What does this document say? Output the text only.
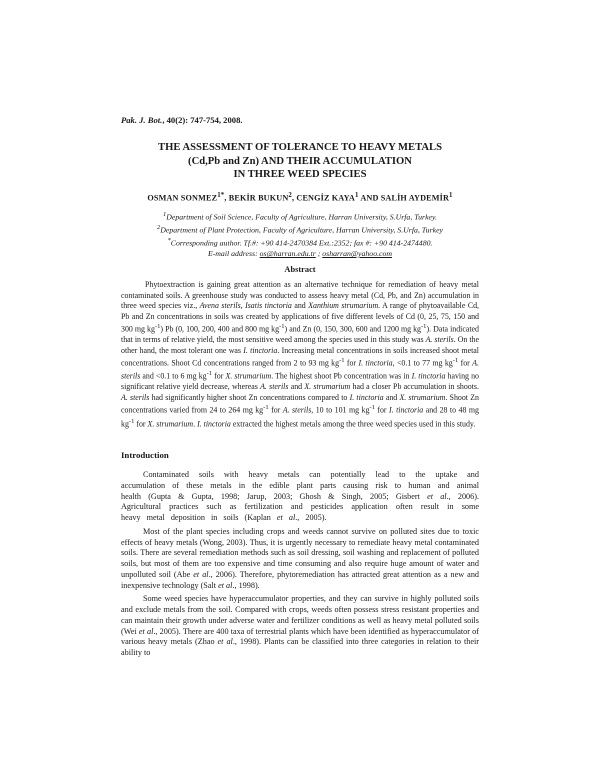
Pak. J. Bot., 40(2): 747-754, 2008.
THE ASSESSMENT OF TOLERANCE TO HEAVY METALS
(Cd,Pb and Zn) AND THEIR ACCUMULATION
IN THREE WEED SPECIES
OSMAN $SONMEZ^{1*}$, BEKİR BUKUN$^2$, CENGİZ KAYA$^1$ AND SALİH AYDEMİR$^1$
$^1$Department of Soil Science, Faculty of Agriculture, Harran University, S.Urfa, Turkey.
$^2$Department of Plant Protection, Faculty of Agriculture, Harran University, S.Urfa, Turkey
*Corresponding author. Tf.#: +90 414-2470384 Ext.:2352; fax #: +90 414-2474480.
E-mail address: os@harran.edu.tr ; osharran@yahoo.com
Abstract

Phytoextraction is gaining great attention as an alternative technique for remediation of heavy metal contaminated soils. A greenhouse study was conducted to assess heavy metal (Cd, Pb, and Zn) accumulation in three weed species viz., Avena sterils, Isatis tinctoria and Xanthium strumarium. A range of phytoavailable Cd, Pb and Zn concentrations in soils was created by applications of five different levels of Cd (0, 25, 75, 150 and 300 mg $kg^{-1}$) Pb (0, 100, 200, 400 and 800 mg $kg^{-1}$) and Zn (0, 150, 300, 600 and 1200 mg $kg^{-1}$). Data indicated that in terms of relative yield, the most sensitive weed among the species used in this study was A. sterils. On the other hand, the most tolerant one was I. tinctoria. Increasing metal concentrations in soils increased shoot metal concentrations. Shoot Cd concentrations ranged from 2 to 93 mg $kg^{-1}$ for I. tinctoria, <0.1 to 77 mg $kg^{-1}$ for A. sterils and <0.1 to 6 mg $kg^{-1}$ for X. strumarium. The highest shoot Pb concentration was in I. tinctoria having no significant relative yield decrease, whereas A. sterils and X. strumarium had a closer Pb accumulation in shoots. A. sterils had significantly higher shoot Zn concentrations compared to I. tinctoria and X. strumarium. Shoot Zn concentrations varied from 24 to 264 mg $kg^{-1}$ for A. sterils, 10 to 101 mg $kg^{-1}$ for I. tinctoria and 28 to 48 mg $kg^{-1}$ for X. strumarium. I. tinctoria extracted the highest metals among the three weed species used in this study.

Introduction

Contaminated soils with heavy metals can potentially lead to the uptake and accumulation of these metals in the edible plant parts causing risk to human and animal health (Gupta & Gupta, 1998; Jarup, 2003; Ghosh & Singh, 2005; Gisbert et al., 2006). Agricultural practices such as fertilization and pesticides application often result in some heavy metal deposition in soils (Kaplan et al., 2005).

Most of the plant species including crops and weeds cannot survive on polluted sites due to toxic effects of heavy metals (Wong, 2003). Thus, it is urgently necessary to remediate heavy metal contaminated soils. There are several remediation methods such as soil dressing, soil washing and replacement of polluted soils, but most of them are too expensive and time consuming and also require huge amount of water and unpolluted soil (Abe et al., 2006). Therefore, phytoremediation has attracted great attention as a new and inexpensive technology (Salt et al., 1998).

Some weed species have hyperaccumulator properties, and they can survive in highly polluted soils and exclude metals from the soil. Compared with crops, weeds often possess stress resistant properties and can maintain their growth under adverse water and fertilizer conditions as well as heavy metal polluted soils (Wei et al., 2005). There are 400 taxa of terrestrial plants which have been identified as hyperaccumulator of various heavy metals (Zhao et al., 1998). Plants can be classified into three categories in relation to their ability to
